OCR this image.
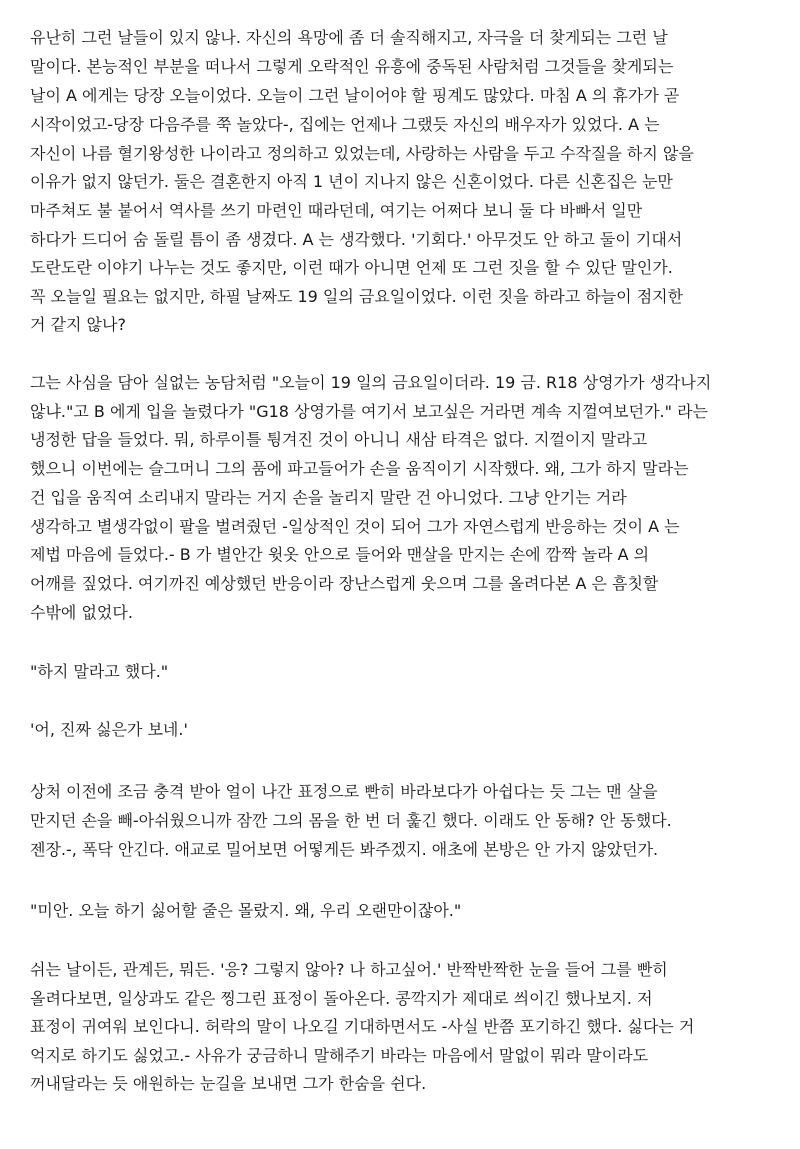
유난히 그런 날들이 있지 않나. 자신의 욕망에 좀 더 솔직해지고, 자극을 더 찾게되는 그런 날
말이다. 본능적인 부분을 떠나서 그렇게 오락적인 유흥에 중독된 사람처럼 그것들을 찾게되는
날이 A 에게는 당장 오늘이었다. 오늘이 그런 날이어야 할 핑계도 많았다. 마침 A 의 휴가가 곧
시작이었고-당장 다음주를 쭉 놀았다-, 집에는 언제나 그랬듯 자신의 배우자가 있었다. A 는
자신이 나름 혈기왕성한 나이라고 정의하고 있었는데, 사랑하는 사람을 두고 수작질을 하지 않을
이유가 없지 않던가. 둘은 결혼한지 아직 1 년이 지나지 않은 신혼이었다. 다른 신혼집은 눈만
마주쳐도 불 붙어서 역사를 쓰기 마련인 때라던데, 여기는 어쩌다 보니 둘 다 바빠서 일만
하다가 드디어 숨 돌릴 틈이 좀 생겼다. A 는 생각했다. '기회다.' 아무것도 안 하고 둘이 기대서
도란도란 이야기 나누는 것도 좋지만, 이런 때가 아니면 언제 또 그런 짓을 할 수 있단 말인가.
꼭 오늘일 필요는 없지만, 하필 날짜도 19 일의 금요일이었다. 이런 짓을 하라고 하늘이 점지한
거 같지 않나?
그는 사심을 담아 실없는 농담처럼 "오늘이 19 일의 금요일이더라. 19 금. R18 상영가가 생각나지
않냐."고 B 에게 입을 놀렸다가 "G18 상영가를 여기서 보고싶은 거라면 계속 지껄여보던가." 라는
냉정한 답을 들었다. 뭐, 하루이틀 튕겨진 것이 아니니 새삼 타격은 없다. 지껄이지 말라고
했으니 이번에는 슬그머니 그의 품에 파고들어가 손을 움직이기 시작했다. 왜, 그가 하지 말라는
건 입을 움직여 소리내지 말라는 거지 손을 놀리지 말란 건 아니었다. 그냥 안기는 거라
생각하고 별생각없이 팔을 벌려줬던 -일상적인 것이 되어 그가 자연스럽게 반응하는 것이 A 는
제법 마음에 들었다.- B 가 별안간 윗옷 안으로 들어와 맨살을 만지는 손에 깜짝 놀라 A 의
어깨를 짚었다. 여기까진 예상했던 반응이라 장난스럽게 웃으며 그를 올려다본 A 은 흠칫할
수밖에 없었다.
"하지 말라고 했다."
'어, 진짜 싫은가 보네.'
상처 이전에 조금 충격 받아 얼이 나간 표정으로 빤히 바라보다가 아쉽다는 듯 그는 맨 살을
만지던 손을 빼-아쉬웠으니까 잠깐 그의 몸을 한 번 더 훑긴 했다. 이래도 안 동해? 안 동했다.
젠장.-, 폭닥 안긴다. 애교로 밀어보면 어떻게든 봐주겠지. 애초에 본방은 안 가지 않았던가.
"미안. 오늘 하기 싫어할 줄은 몰랐지. 왜, 우리 오랜만이잖아."
쉬는 날이든, 관계든, 뭐든. '응? 그렇지 않아? 나 하고싶어.' 반짝반짝한 눈을 들어 그를 빤히
올려다보면, 일상과도 같은 찡그린 표정이 돌아온다. 콩깍지가 제대로 씌이긴 했나보지. 저
표정이 귀여워 보인다니. 허락의 말이 나오길 기대하면서도 -사실 반쯤 포기하긴 했다. 싫다는 거
억지로 하기도 싫었고.- 사유가 궁금하니 말해주기 바라는 마음에서 말없이 뭐라 말이라도
꺼내달라는 듯 애원하는 눈길을 보내면 그가 한숨을 쉰다.
